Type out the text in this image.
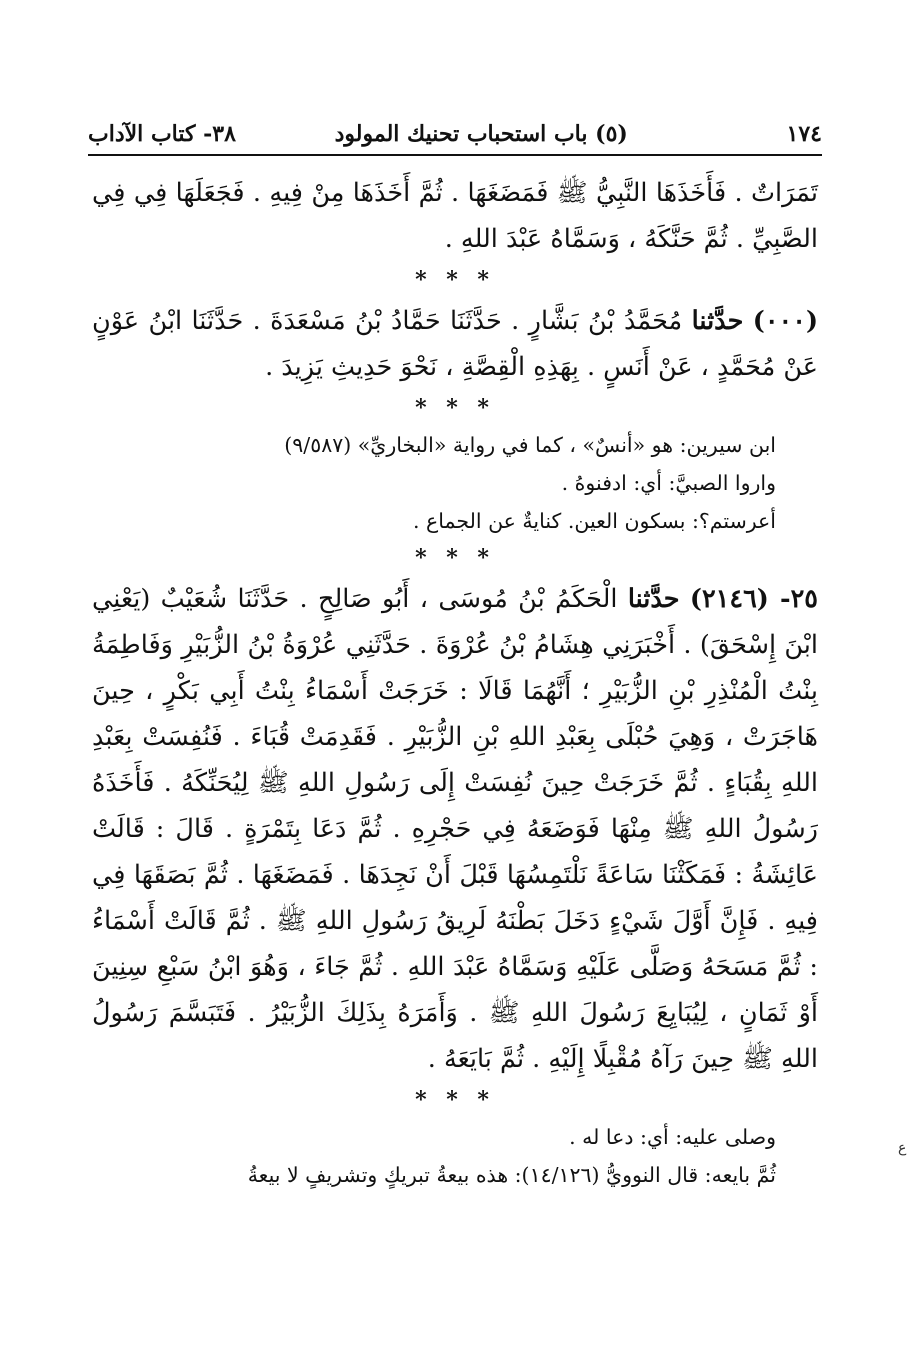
١٧٤
(٥) باب استحباب تحنيك المولود
٣٨- كتاب الآداب

تَمَرَاتٌ . فَأَخَذَهَا النَّبِيُّ ﷺ فَمَضَغَهَا . ثُمَّ أَخَذَهَا مِنْ فِيهِ . فَجَعَلَهَا فِي فِي الصَّبِيِّ . ثُمَّ حَنَّكَهُ ، وَسَمَّاهُ عَبْدَ اللهِ .

* * *

(٠٠٠) حدَّثنا مُحَمَّدُ بْنُ بَشَّارٍ . حَدَّثَنَا حَمَّادُ بْنُ مَسْعَدَةَ . حَدَّثَنَا ابْنُ عَوْنٍ عَنْ مُحَمَّدٍ ، عَنْ أَنَسٍ . بِهَذِهِ الْقِصَّةِ ، نَحْوَ حَدِيثِ يَزِيدَ .

* * *

ابن سيرين: هو «أنسٌ» ، كما في رواية «البخاريِّ» (٩/٥٨٧)

واروا الصبيَّ: أي: ادفنوهُ .

أعرستم؟: بسكون العين. كنايةٌ عن الجماع .

* * *

٢٥- (٢١٤٦) حدَّثنا الْحَكَمُ بْنُ مُوسَى ، أَبُو صَالِحٍ . حَدَّثَنَا شُعَيْبٌ (يَعْنِي ابْنَ إِسْحَقَ) . أَخْبَرَنِي هِشَامُ بْنُ عُرْوَةَ . حَدَّثَنِي عُرْوَةُ بْنُ الزُّبَيْرِ وَفَاطِمَةُ بِنْتُ الْمُنْذِرِ بْنِ الزُّبَيْرِ ؛ أَنَّهُمَا قَالَا : خَرَجَتْ أَسْمَاءُ بِنْتُ أَبِي بَكْرٍ ، حِينَ هَاجَرَتْ ، وَهِيَ حُبْلَى بِعَبْدِ اللهِ بْنِ الزُّبَيْرِ . فَقَدِمَتْ قُبَاءَ . فَنُفِسَتْ بِعَبْدِ اللهِ بِقُبَاءٍ . ثُمَّ خَرَجَتْ حِينَ نُفِسَتْ إِلَى رَسُولِ اللهِ ﷺ لِيُحَنِّكَهُ . فَأَخَذَهُ رَسُولُ اللهِ ﷺ مِنْهَا فَوَضَعَهُ فِي حَجْرِهِ . ثُمَّ دَعَا بِتَمْرَةٍ . قَالَ : قَالَتْ عَائِشَةُ : فَمَكَثْنَا سَاعَةً نَلْتَمِسُهَا قَبْلَ أَنْ نَجِدَهَا . فَمَضَغَهَا . ثُمَّ بَصَقَهَا فِي فِيهِ . فَإِنَّ أَوَّلَ شَيْءٍ دَخَلَ بَطْنَهُ لَرِيقُ رَسُولِ اللهِ ﷺ . ثُمَّ قَالَتْ أَسْمَاءُ : ثُمَّ مَسَحَهُ وَصَلَّى عَلَيْهِ وَسَمَّاهُ عَبْدَ اللهِ . ثُمَّ جَاءَ ، وَهُوَ ابْنُ سَبْعِ سِنِينَ أَوْ ثَمَانٍ ، لِيُبَايِعَ رَسُولَ اللهِ ﷺ . وَأَمَرَهُ بِذَلِكَ الزُّبَيْرُ . فَتَبَسَّمَ رَسُولُ اللهِ ﷺ حِينَ رَآهُ مُقْبِلًا إِلَيْهِ . ثُمَّ بَايَعَهُ .

* * *

وصلى عليه: أي: دعا له .

ثُمَّ بايعه: قال النوويُّ (١٤/١٢٦): هذه بيعةُ تبريكٍ وتشريفٍ لا بيعةُ

ع
